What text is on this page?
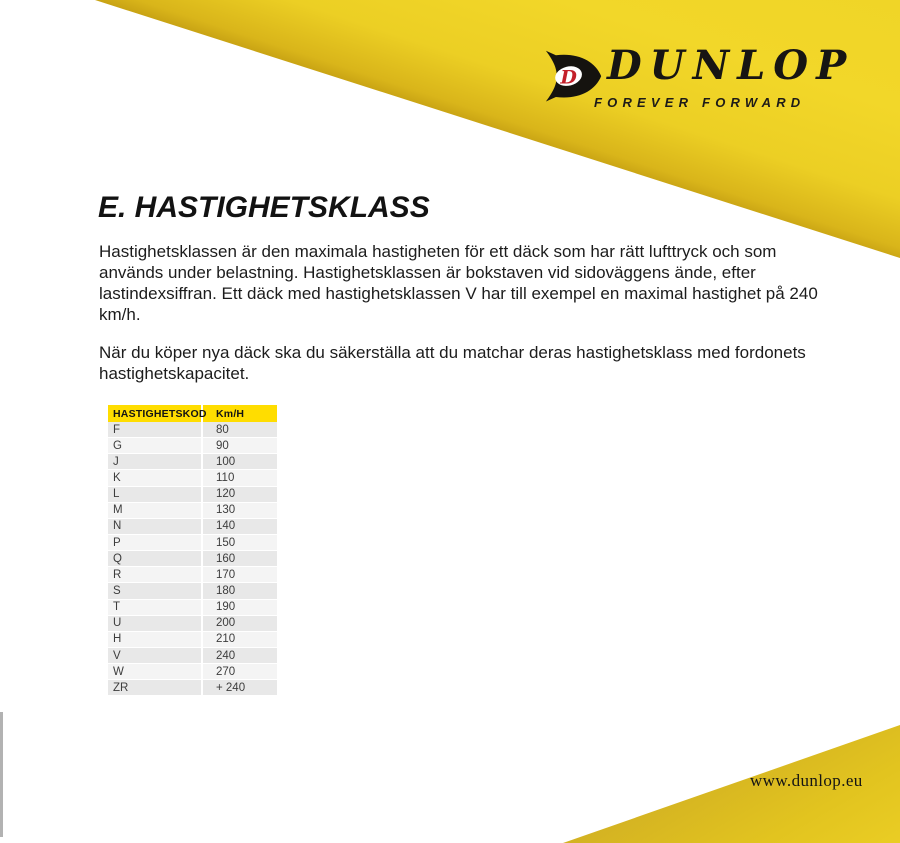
D DUNLOP
FOREVER FORWARD
E. HASTIGHETSKLASS
Hastighetsklassen är den maximala hastigheten för ett däck som har rätt lufttryck och som används under belastning. Hastighetsklassen är bokstaven vid sidoväggens ände, efter lastindexsiffran. Ett däck med hastighetsklassen V har till exempel en maximal hastighet på 240 km/h.
När du köper nya däck ska du säkerställa att du matchar deras hastighetsklass med fordonets hastighetskapacitet.
HASTIGHETSKOD Km/H
F	80
G	90
J	100
K	110
L	120
M	130
N	140
P	150
Q	160
R	170
S	180
T	190
U	200
H	210
V	240
W	270
ZR	+ 240
www.dunlop.eu
